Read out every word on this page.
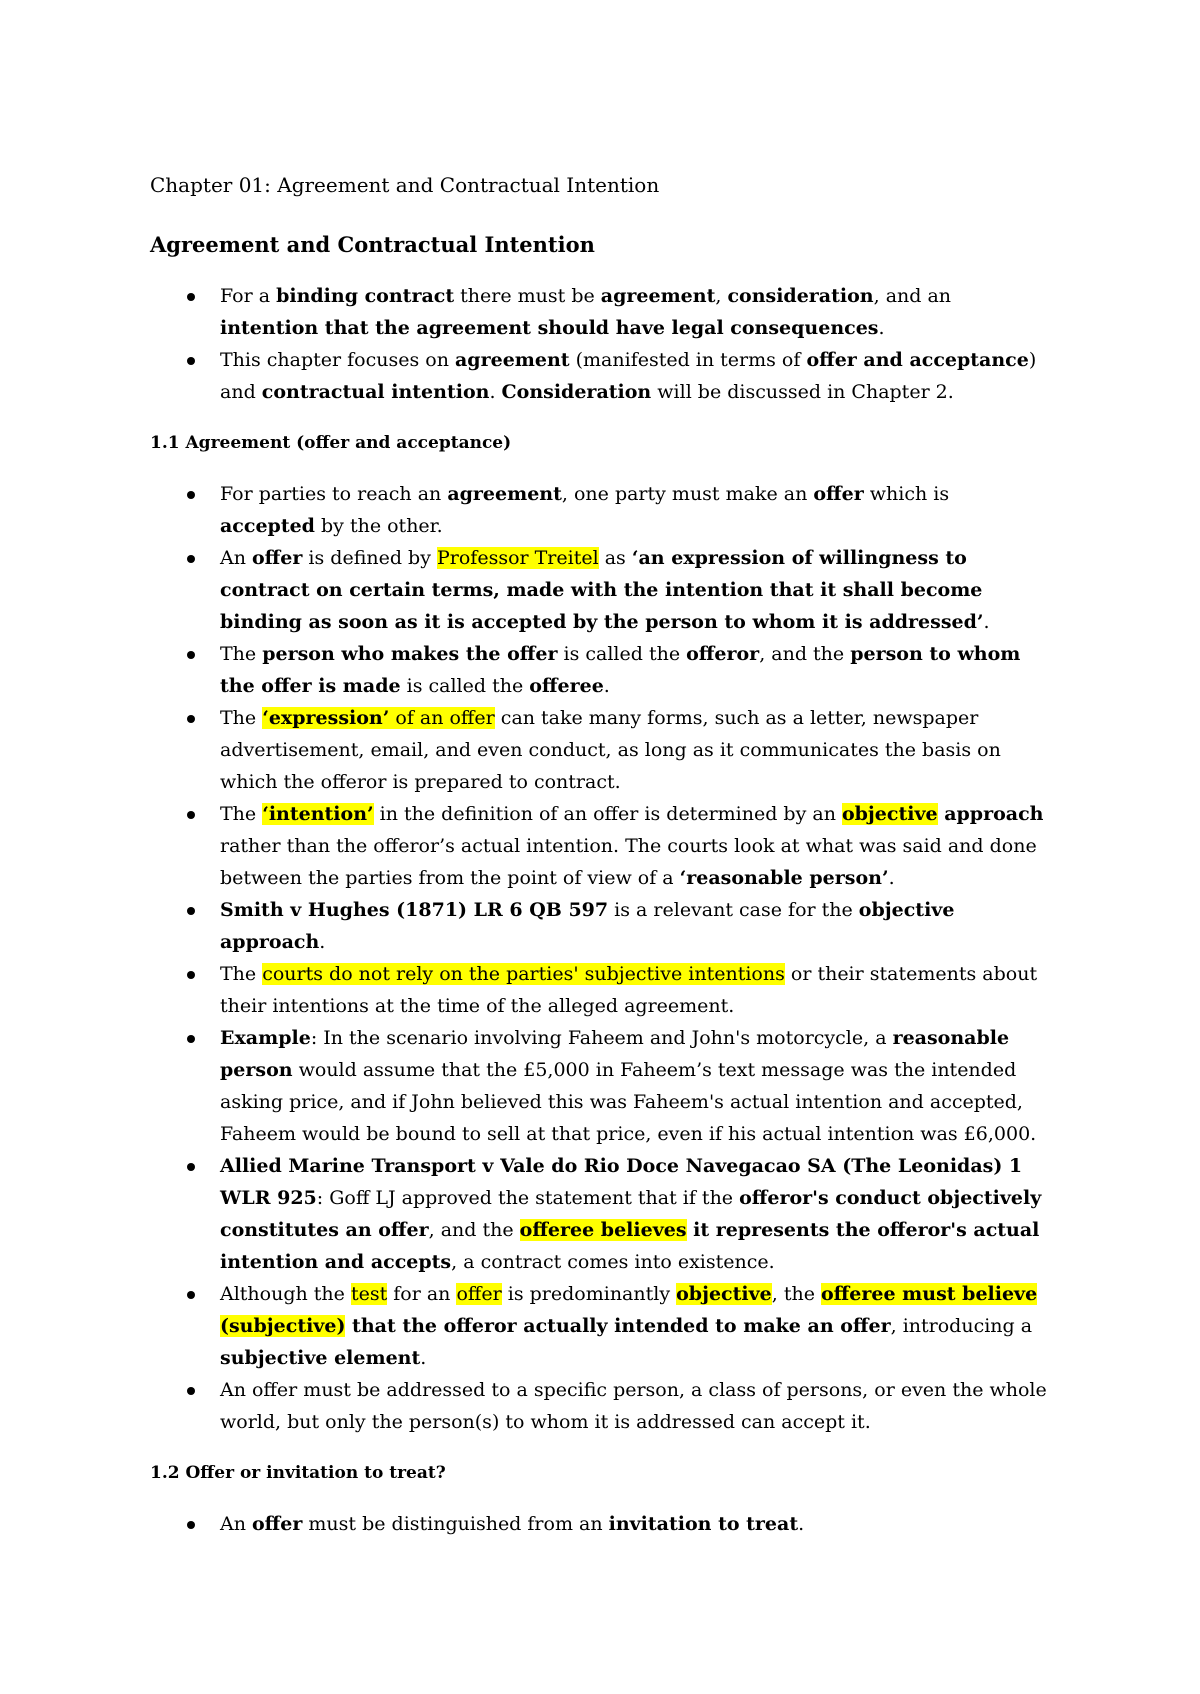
Chapter 01: Agreement and Contractual Intention
Agreement and Contractual Intention
For a binding contract there must be agreement, consideration, and an intention that the agreement should have legal consequences.
This chapter focuses on agreement (manifested in terms of offer and acceptance) and contractual intention. Consideration will be discussed in Chapter 2.
1.1 Agreement (offer and acceptance)
For parties to reach an agreement, one party must make an offer which is accepted by the other.
An offer is defined by Professor Treitel as ‘an expression of willingness to contract on certain terms, made with the intention that it shall become binding as soon as it is accepted by the person to whom it is addressed’.
The person who makes the offer is called the offeror, and the person to whom the offer is made is called the offeree.
The ‘expression’ of an offer can take many forms, such as a letter, newspaper advertisement, email, and even conduct, as long as it communicates the basis on which the offeror is prepared to contract.
The ‘intention’ in the definition of an offer is determined by an objective approach rather than the offeror’s actual intention. The courts look at what was said and done between the parties from the point of view of a ‘reasonable person’.
Smith v Hughes (1871) LR 6 QB 597 is a relevant case for the objective approach.
The courts do not rely on the parties' subjective intentions or their statements about their intentions at the time of the alleged agreement.
Example: In the scenario involving Faheem and John's motorcycle, a reasonable person would assume that the £5,000 in Faheem’s text message was the intended asking price, and if John believed this was Faheem's actual intention and accepted, Faheem would be bound to sell at that price, even if his actual intention was £6,000.
Allied Marine Transport v Vale do Rio Doce Navegacao SA (The Leonidas) 1 WLR 925: Goff LJ approved the statement that if the offeror's conduct objectively constitutes an offer, and the offeree believes it represents the offeror's actual intention and accepts, a contract comes into existence.
Although the test for an offer is predominantly objective, the offeree must believe (subjective) that the offeror actually intended to make an offer, introducing a subjective element.
An offer must be addressed to a specific person, a class of persons, or even the whole world, but only the person(s) to whom it is addressed can accept it.
1.2 Offer or invitation to treat?
An offer must be distinguished from an invitation to treat.
